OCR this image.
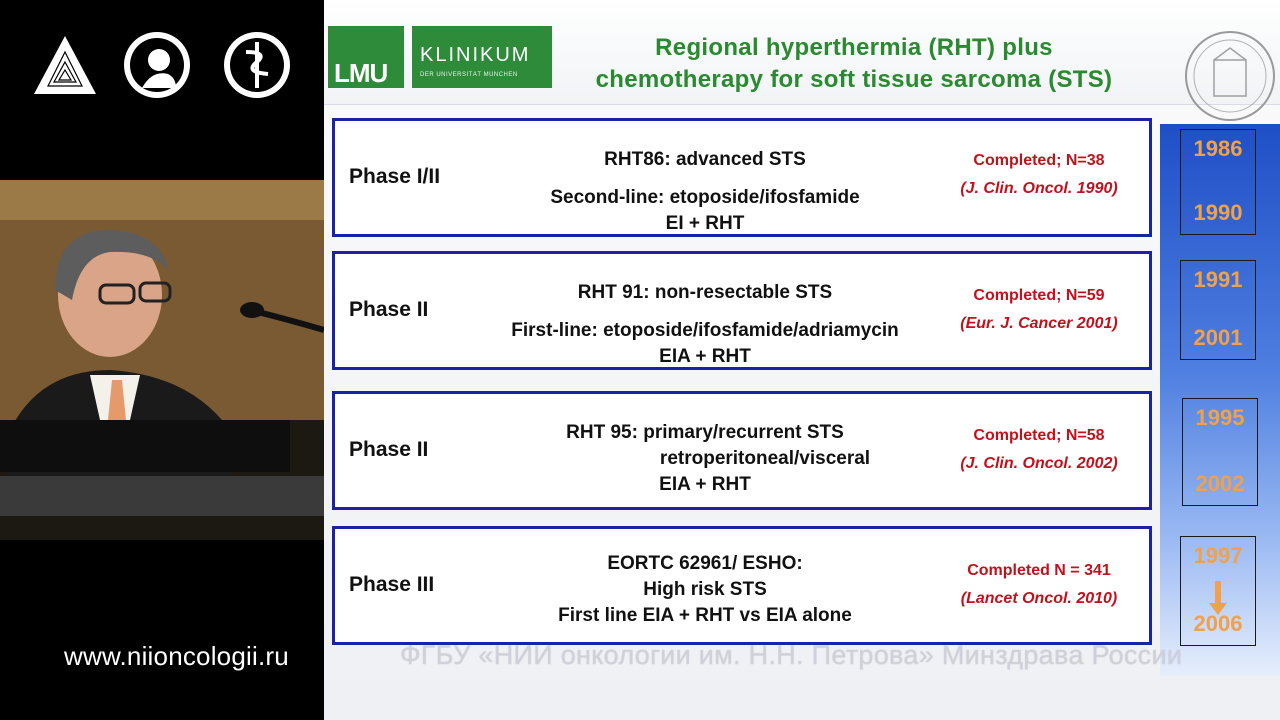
www.niioncologii.ru
LMU
KLINIKUM
DER UNIVERSITÄT MÜNCHEN
Regional hyperthermia (RHT) plus
chemotherapy for soft tissue sarcoma (STS)
Phase I/II
RHT86: advanced STS
Second-line: etoposide/ifosfamide
EI + RHT
Completed; N=38
(J. Clin. Oncol. 1990)
Phase II
RHT 91: non-resectable STS
First-line: etoposide/ifosfamide/adriamycin
EIA + RHT
Completed; N=59
(Eur. J. Cancer 2001)
Phase II
RHT 95: primary/recurrent STS
retroperitoneal/visceral
EIA + RHT
Completed; N=58
(J. Clin. Oncol. 2002)
Phase III
EORTC 62961/ ESHO:
High risk STS
First line EIA + RHT vs EIA alone
Completed N = 341
(Lancet Oncol. 2010)
1986
1990
1991
2001
1995
2002
1997
2006
ФГБУ «НИИ онкологии им. Н.Н. Петрова» Минздрава России
